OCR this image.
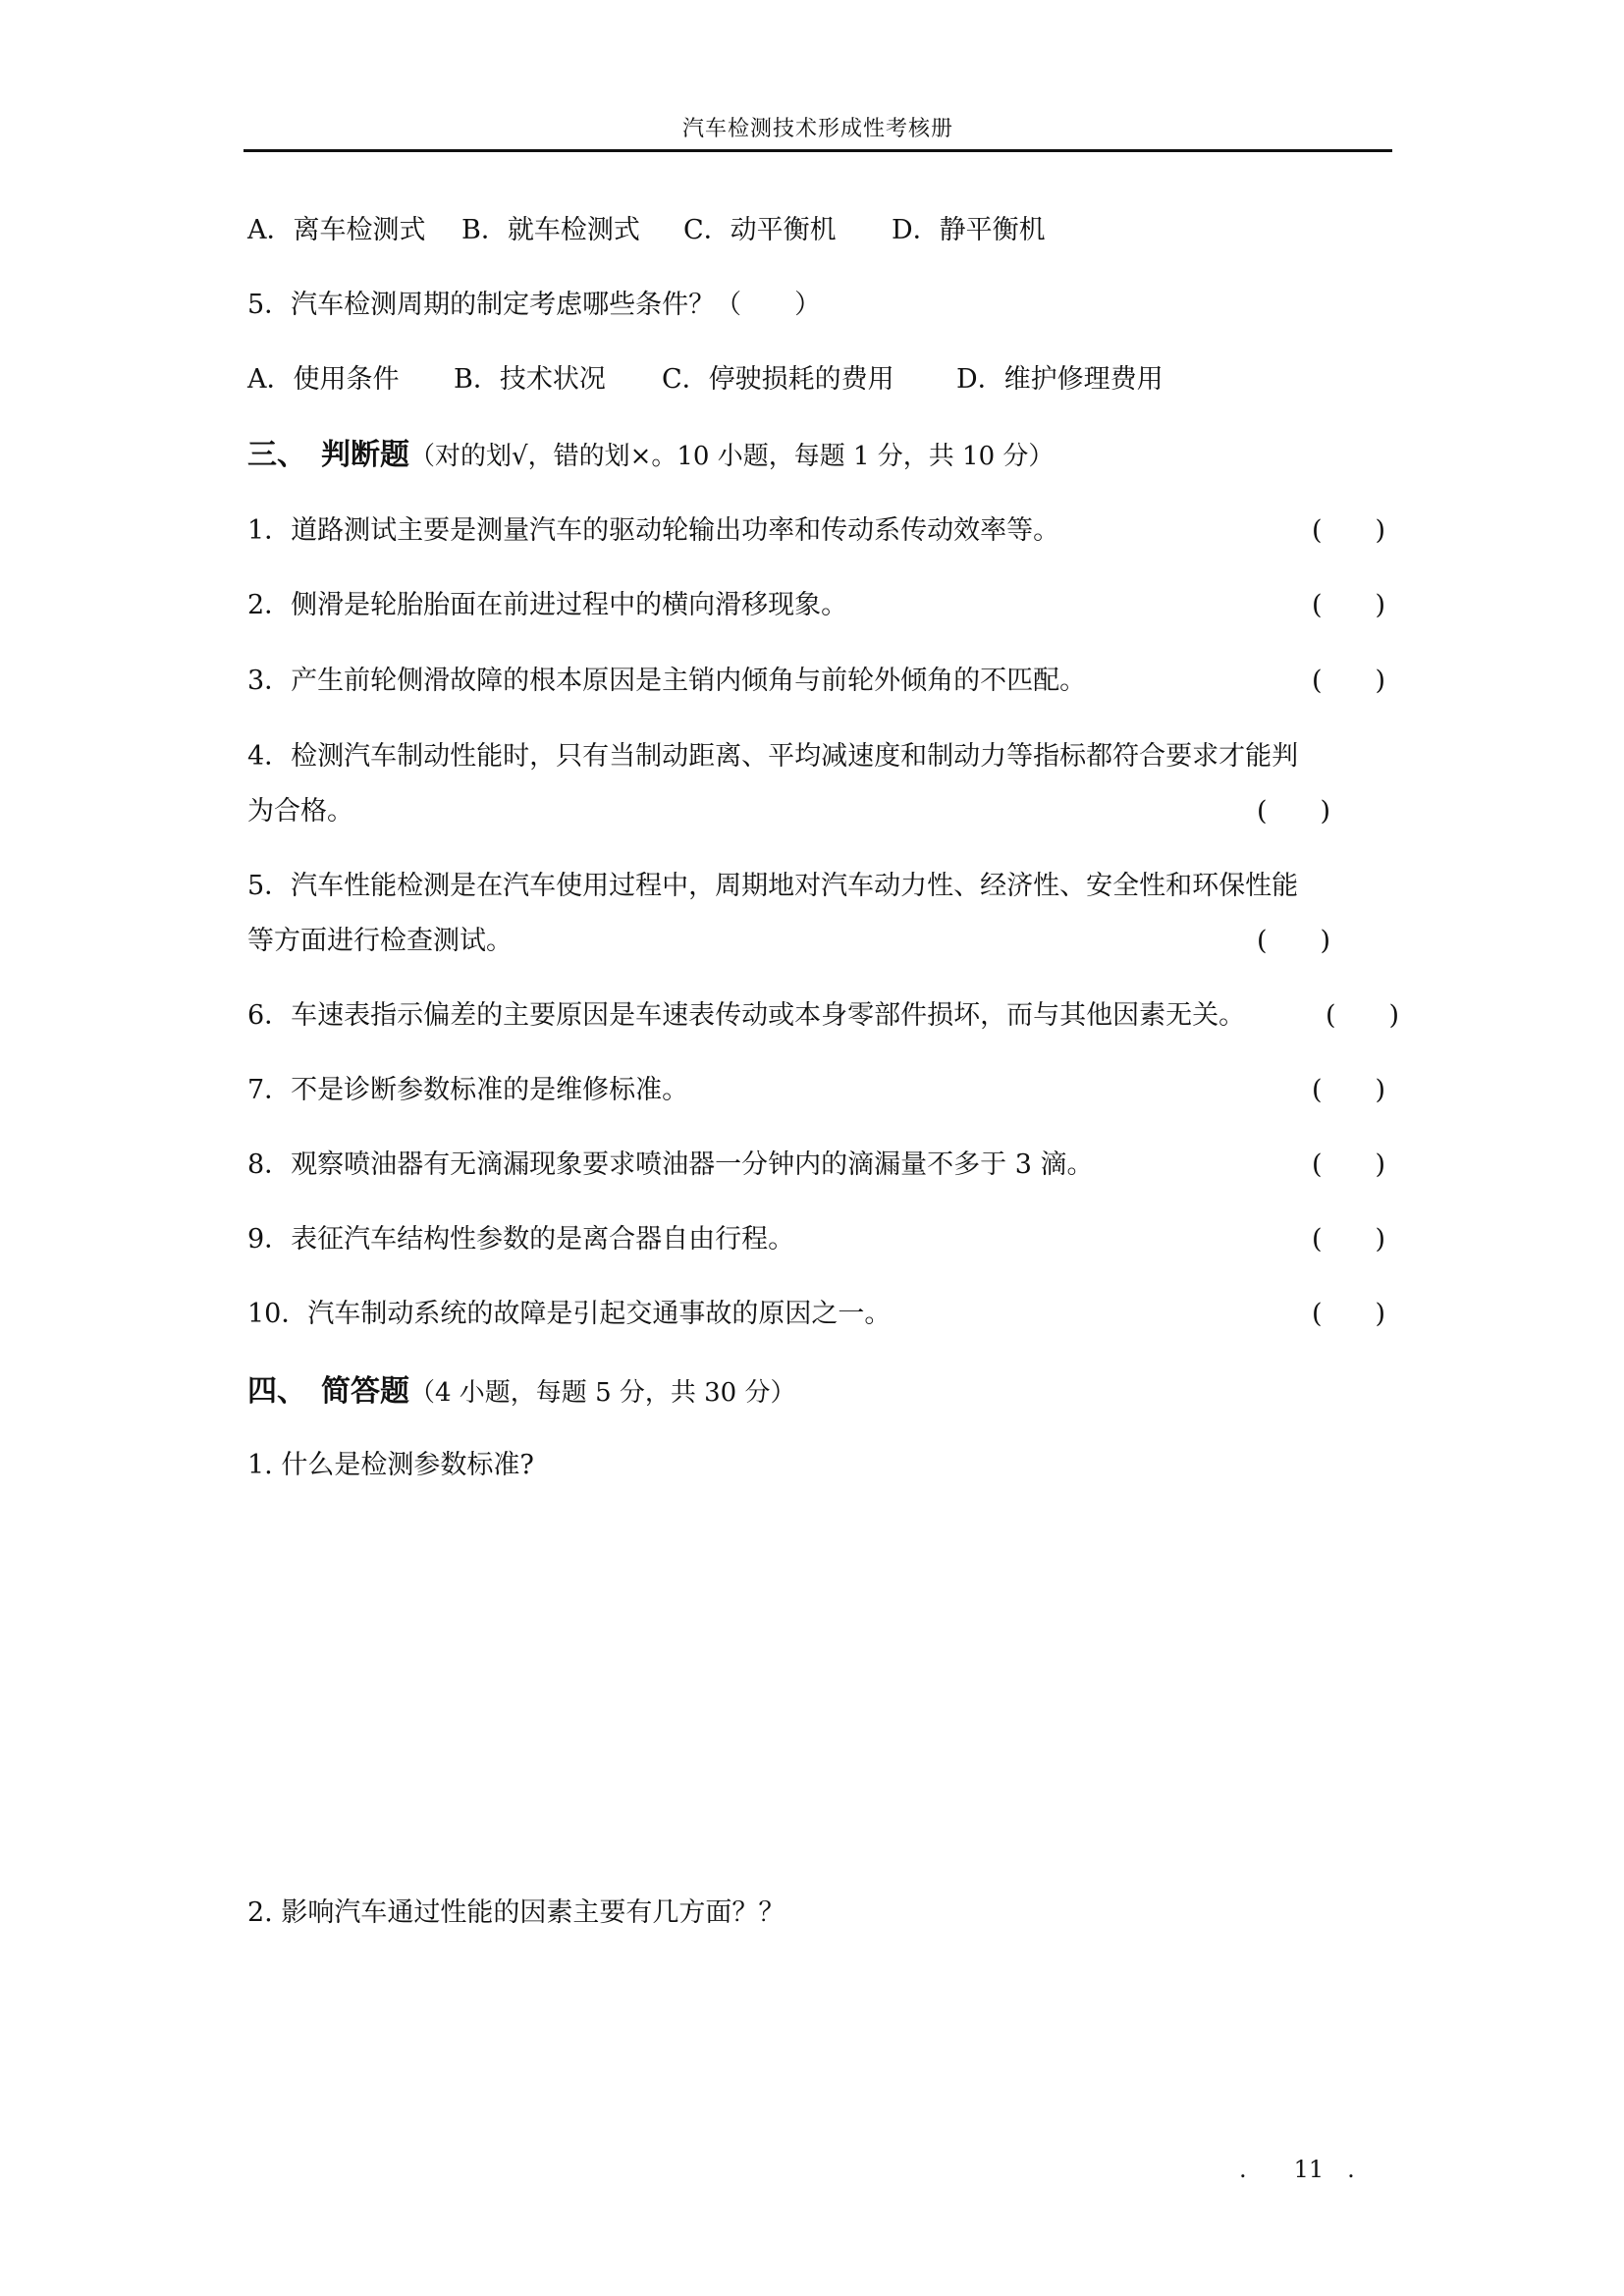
汽车检测技术形成性考核册
A．离车检测式 B．就车检测式 C．动平衡机 D．静平衡机
5．汽车检测周期的制定考虑哪些条件？（　　）
A．使用条件 B．技术状况 C．停驶损耗的费用 D．维护修理费用
三、　判断题（对的划√，错的划×。10 小题，每题 1 分，共 10 分）
1．道路测试主要是测量汽车的驱动轮输出功率和传动系传动效率等。	(　　)
2．侧滑是轮胎胎面在前进过程中的横向滑移现象。	(　　)
3．产生前轮侧滑故障的根本原因是主销内倾角与前轮外倾角的不匹配。	(　　)
4．检测汽车制动性能时，只有当制动距离、平均减速度和制动力等指标都符合要求才能判
为合格。	(　　)
5．汽车性能检测是在汽车使用过程中，周期地对汽车动力性、经济性、安全性和环保性能
等方面进行检查测试。	(　　)
6．车速表指示偏差的主要原因是车速表传动或本身零部件损坏，而与其他因素无关。	(　　)
7．不是诊断参数标准的是维修标准。	(　　)
8．观察喷油器有无滴漏现象要求喷油器一分钟内的滴漏量不多于 3 滴。	(　　)
9．表征汽车结构性参数的是离合器自由行程。	(　　)
10．汽车制动系统的故障是引起交通事故的原因之一。	(　　)
四、　简答题（4 小题，每题 5 分，共 30 分）
1. 什么是检测参数标准?
2. 影响汽车通过性能的因素主要有几方面？？
.　　11　.
